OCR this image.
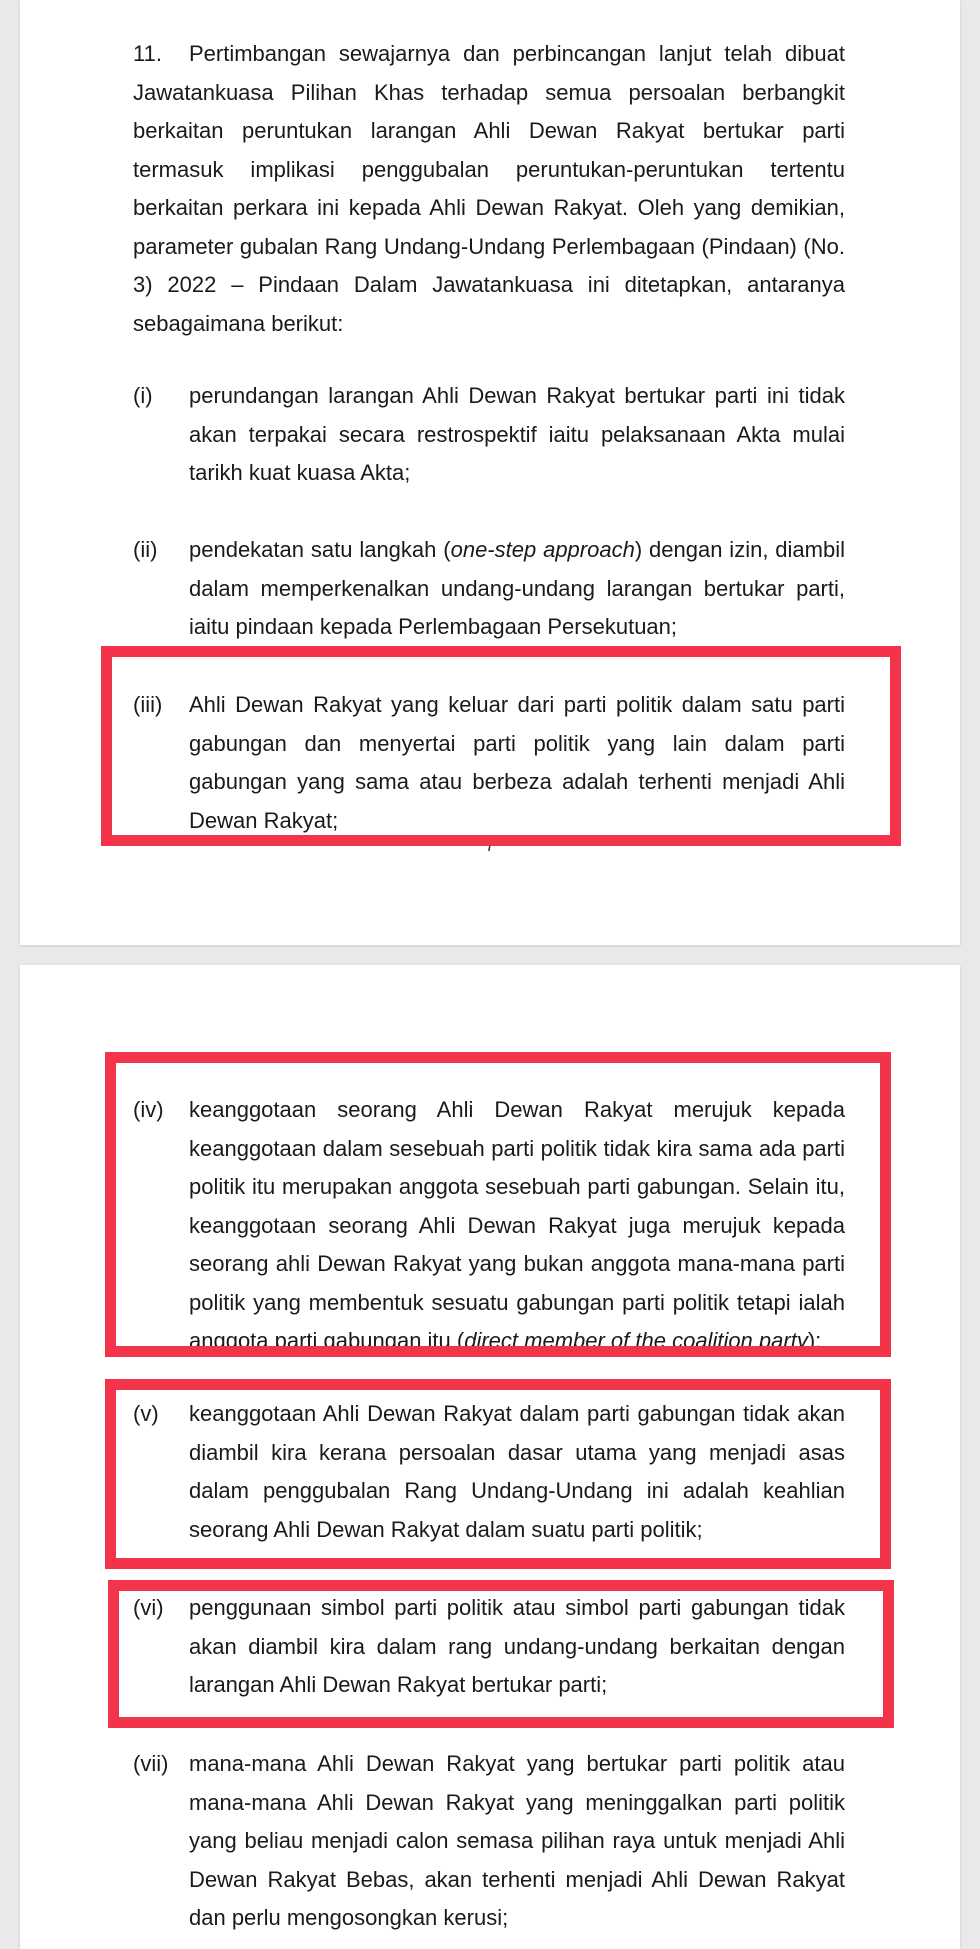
11. Pertimbangan sewajarnya dan perbincangan lanjut telah dibuat Jawatankuasa Pilihan Khas terhadap semua persoalan berbangkit berkaitan peruntukan larangan Ahli Dewan Rakyat bertukar parti termasuk implikasi penggubalan peruntukan-peruntukan tertentu berkaitan perkara ini kepada Ahli Dewan Rakyat. Oleh yang demikian, parameter gubalan Rang Undang-Undang Perlembagaan (Pindaan) (No. 3) 2022 – Pindaan Dalam Jawatankuasa ini ditetapkan, antaranya sebagaimana berikut:

(i)	perundangan larangan Ahli Dewan Rakyat bertukar parti ini tidak akan terpakai secara restrospektif iaitu pelaksanaan Akta mulai tarikh kuat kuasa Akta;

(ii)	pendekatan satu langkah (one-step approach) dengan izin, diambil dalam memperkenalkan undang-undang larangan bertukar parti, iaitu pindaan kepada Perlembagaan Persekutuan;

(iii)	Ahli Dewan Rakyat yang keluar dari parti politik dalam satu parti gabungan dan menyertai parti politik yang lain dalam parti gabungan yang sama atau berbeza adalah terhenti menjadi Ahli Dewan Rakyat;

7
(iv)	keanggotaan seorang Ahli Dewan Rakyat merujuk kepada keanggotaan dalam sesebuah parti politik tidak kira sama ada parti politik itu merupakan anggota sesebuah parti gabungan. Selain itu, keanggotaan seorang Ahli Dewan Rakyat juga merujuk kepada seorang ahli Dewan Rakyat yang bukan anggota mana-mana parti politik yang membentuk sesuatu gabungan parti politik tetapi ialah anggota parti gabungan itu (direct member of the coalition party);

(v)	keanggotaan Ahli Dewan Rakyat dalam parti gabungan tidak akan diambil kira kerana persoalan dasar utama yang menjadi asas dalam penggubalan Rang Undang-Undang ini adalah keahlian seorang Ahli Dewan Rakyat dalam suatu parti politik;

(vi)	penggunaan simbol parti politik atau simbol parti gabungan tidak akan diambil kira dalam rang undang-undang berkaitan dengan larangan Ahli Dewan Rakyat bertukar parti;

(vii) mana-mana Ahli Dewan Rakyat yang bertukar parti politik atau mana-mana Ahli Dewan Rakyat yang meninggalkan parti politik yang beliau menjadi calon semasa pilihan raya untuk menjadi Ahli Dewan Rakyat Bebas, akan terhenti menjadi Ahli Dewan Rakyat dan perlu mengosongkan kerusi;
